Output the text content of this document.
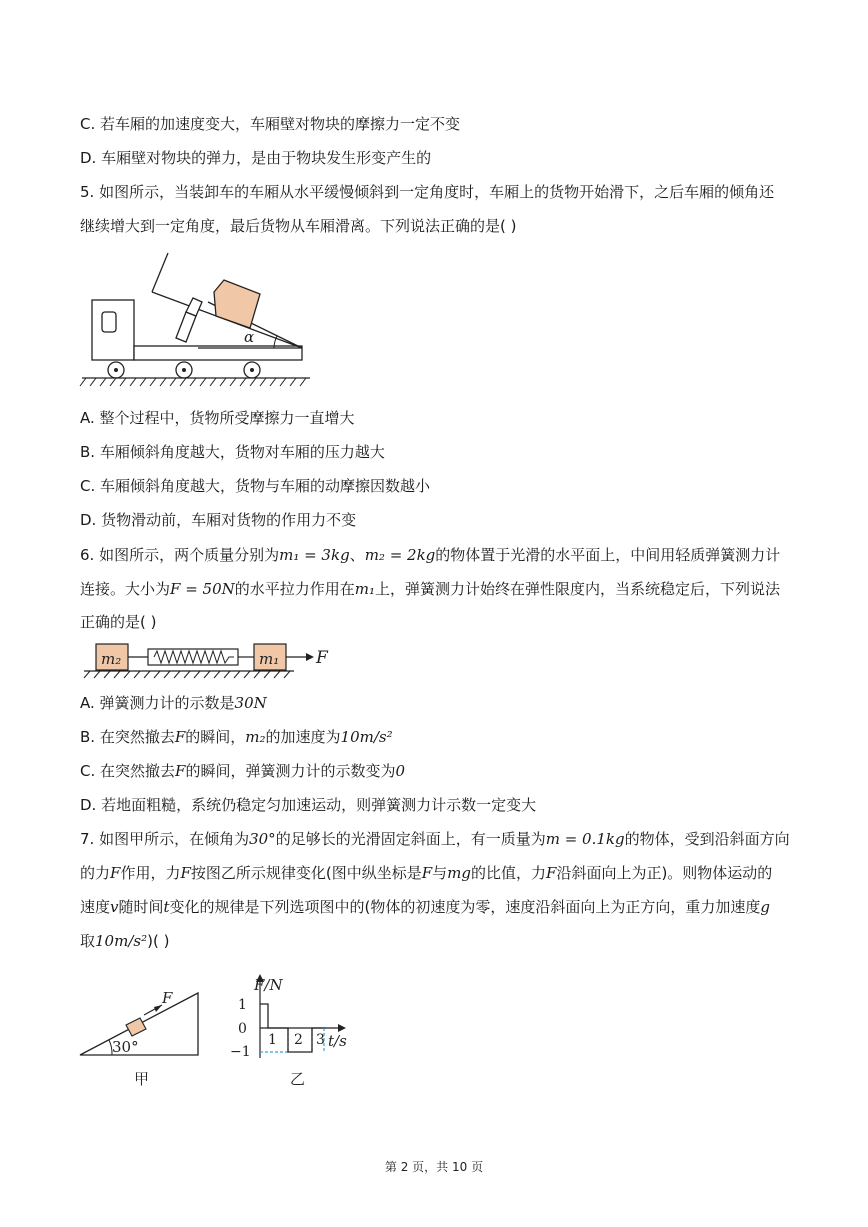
C. 若车厢的加速度变大，车厢壁对物块的摩擦力一定不变
D. 车厢壁对物块的弹力，是由于物块发生形变产生的
5. 如图所示，当装卸车的车厢从水平缓慢倾斜到一定角度时，车厢上的货物开始滑下，之后车厢的倾角还
继续增大到一定角度，最后货物从车厢滑离。下列说法正确的是( )
α
A. 整个过程中，货物所受摩擦力一直增大
B. 车厢倾斜角度越大，货物对车厢的压力越大
C. 车厢倾斜角度越大，货物与车厢的动摩擦因数越小
D. 货物滑动前，车厢对货物的作用力不变
6. 如图所示，两个质量分别为m₁ = 3kg、m₂ = 2kg的物体置于光滑的水平面上，中间用轻质弹簧测力计
连接。大小为F = 50N的水平拉力作用在m₁上，弹簧测力计始终在弹性限度内，当系统稳定后，下列说法
正确的是( )
m₂	m₁ F
A. 弹簧测力计的示数是30N
B. 在突然撤去F的瞬间，m₂的加速度为10m/s²
C. 在突然撤去F的瞬间，弹簧测力计的示数变为0
D. 若地面粗糙，系统仍稳定匀加速运动，则弹簧测力计示数一定变大
7. 如图甲所示，在倾角为30°的足够长的光滑固定斜面上，有一质量为m = 0.1kg的物体，受到沿斜面方向
的力F作用，力F按图乙所示规律变化(图中纵坐标是F与mg的比值，力F沿斜面向上为正)。则物体运动的
速度v随时间t变化的规律是下列选项图中的(物体的初速度为零，速度沿斜面向上为正方向，重力加速度g
取10m/s²)( )
F
30°
甲
F/N
t/s
1
0
−1
1 2 3
乙
第 2 页，共 10 页
